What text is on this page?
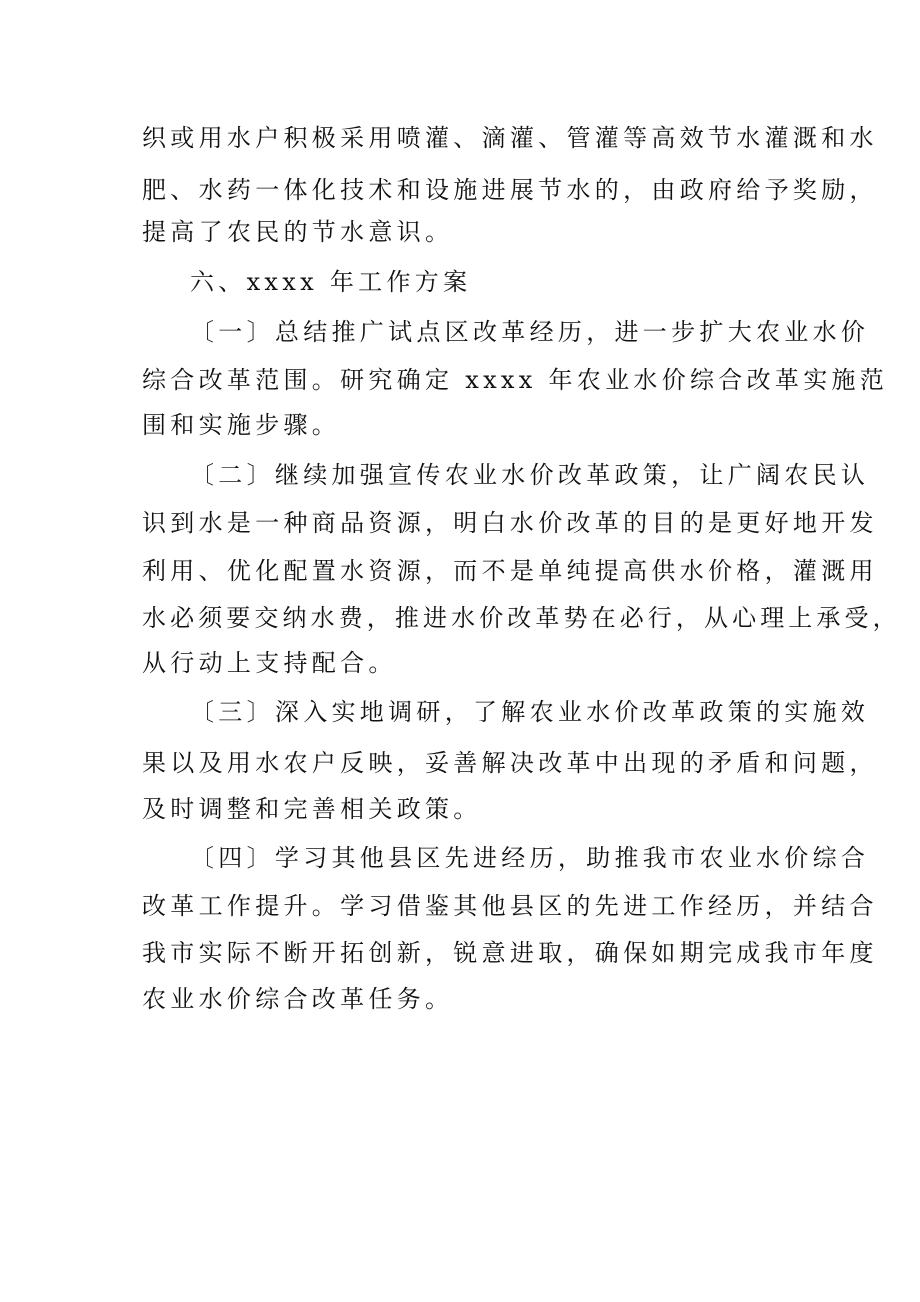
织或用水户积极采用喷灌、滴灌、管灌等高效节水灌溉和水
肥、水药一体化技术和设施进展节水的，由政府给予奖励，
提高了农民的节水意识。
六、xxxx 年工作方案
〔一〕总结推广试点区改革经历，进一步扩大农业水价
综合改革范围。研究确定 xxxx 年农业水价综合改革实施范
围和实施步骤。
〔二〕继续加强宣传农业水价改革政策，让广阔农民认
识到水是一种商品资源，明白水价改革的目的是更好地开发
利用、优化配置水资源，而不是单纯提高供水价格，灌溉用
水必须要交纳水费，推进水价改革势在必行，从心理上承受，
从行动上支持配合。
〔三〕深入实地调研，了解农业水价改革政策的实施效
果以及用水农户反映，妥善解决改革中出现的矛盾和问题，
及时调整和完善相关政策。
〔四〕学习其他县区先进经历，助推我市农业水价综合
改革工作提升。学习借鉴其他县区的先进工作经历，并结合
我市实际不断开拓创新，锐意进取，确保如期完成我市年度
农业水价综合改革任务。
